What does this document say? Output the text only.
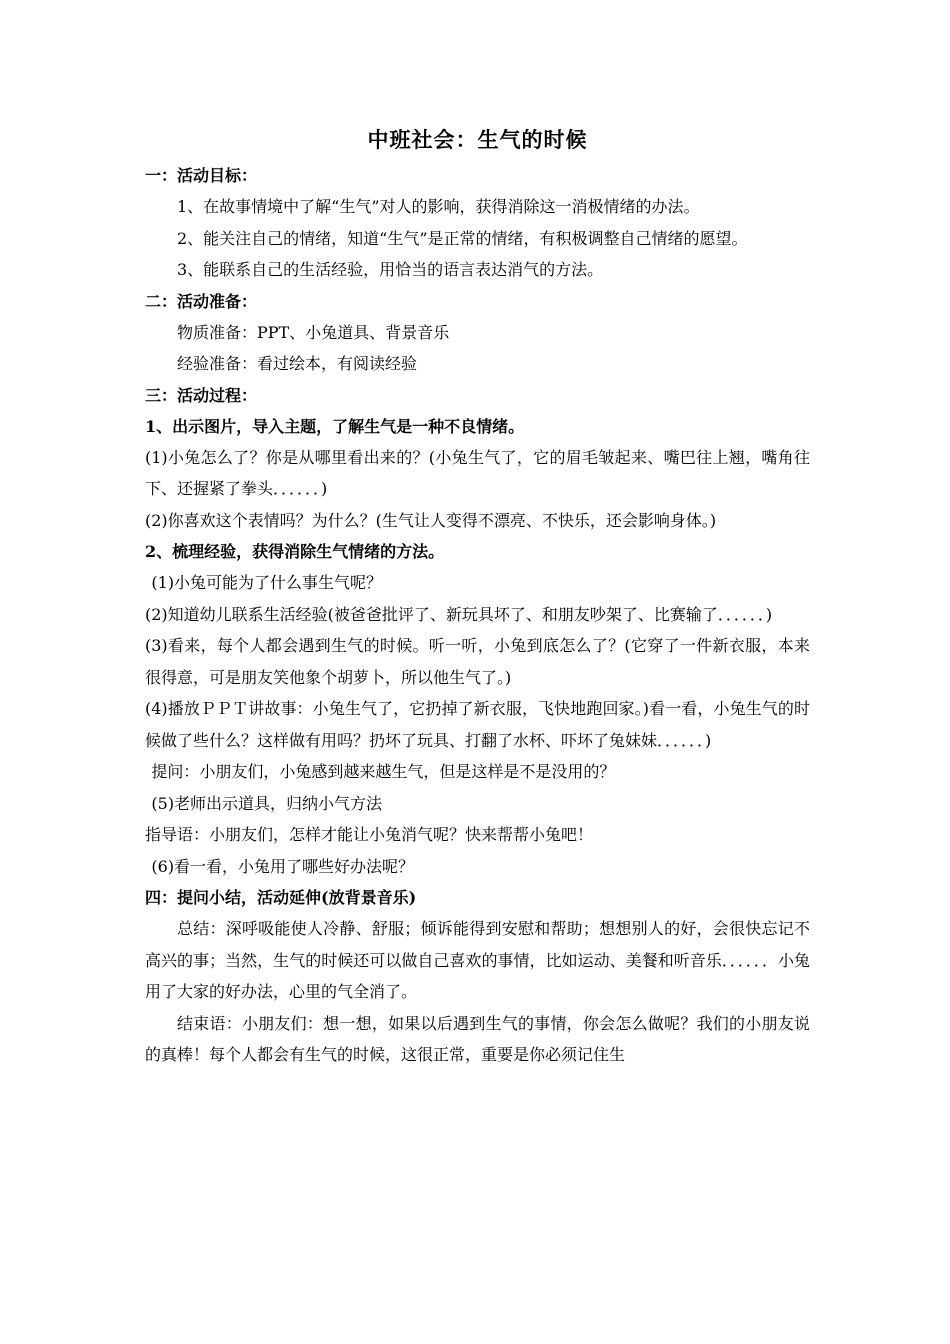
中班社会：生气的时候

一：活动目标：

1、在故事情境中了解“生气”对人的影响，获得消除这一消极情绪的办法。

2、能关注自己的情绪，知道“生气”是正常的情绪，有积极调整自己情绪的愿望。

3、能联系自己的生活经验，用恰当的语言表达消气的方法。

二：活动准备：

物质准备：PPT、小兔道具、背景音乐

经验准备：看过绘本，有阅读经验

三：活动过程：

1、出示图片，导入主题，了解生气是一种不良情绪。

(1)小兔怎么了？你是从哪里看出来的？(小兔生气了，它的眉毛皱起来、嘴巴往上翘，嘴角往下、还握紧了拳头．．．．．．)

(2)你喜欢这个表情吗？为什么？(生气让人变得不漂亮、不快乐，还会影响身体。)

2、梳理经验，获得消除生气情绪的方法。

(1)小兔可能为了什么事生气呢？

(2)知道幼儿联系生活经验(被爸爸批评了、新玩具坏了、和朋友吵架了、比赛输了．．．．．．)

(3)看来，每个人都会遇到生气的时候。听一听，小兔到底怎么了？(它穿了一件新衣服，本来很得意，可是朋友笑他象个胡萝卜，所以他生气了。)

(4)播放ＰＰＴ讲故事：小兔生气了，它扔掉了新衣服，飞快地跑回家。)看一看，小兔生气的时候做了些什么？这样做有用吗？扔坏了玩具、打翻了水杯、吓坏了兔妹妹．．．．．．)

提问：小朋友们，小兔感到越来越生气，但是这样是不是没用的？

(5)老师出示道具，归纳小气方法

指导语：小朋友们，怎样才能让小兔消气呢？快来帮帮小兔吧！

(6)看一看，小兔用了哪些好办法呢？

四：提问小结，活动延伸(放背景音乐)

总结：深呼吸能使人冷静、舒服；倾诉能得到安慰和帮助；想想别人的好，会很快忘记不高兴的事；当然，生气的时候还可以做自己喜欢的事情，比如运动、美餐和听音乐．．．．．．小兔用了大家的好办法，心里的气全消了。

结束语：小朋友们：想一想，如果以后遇到生气的事情，你会怎么做呢？我们的小朋友说的真棒！每个人都会有生气的时候，这很正常，重要是你必须记住生
